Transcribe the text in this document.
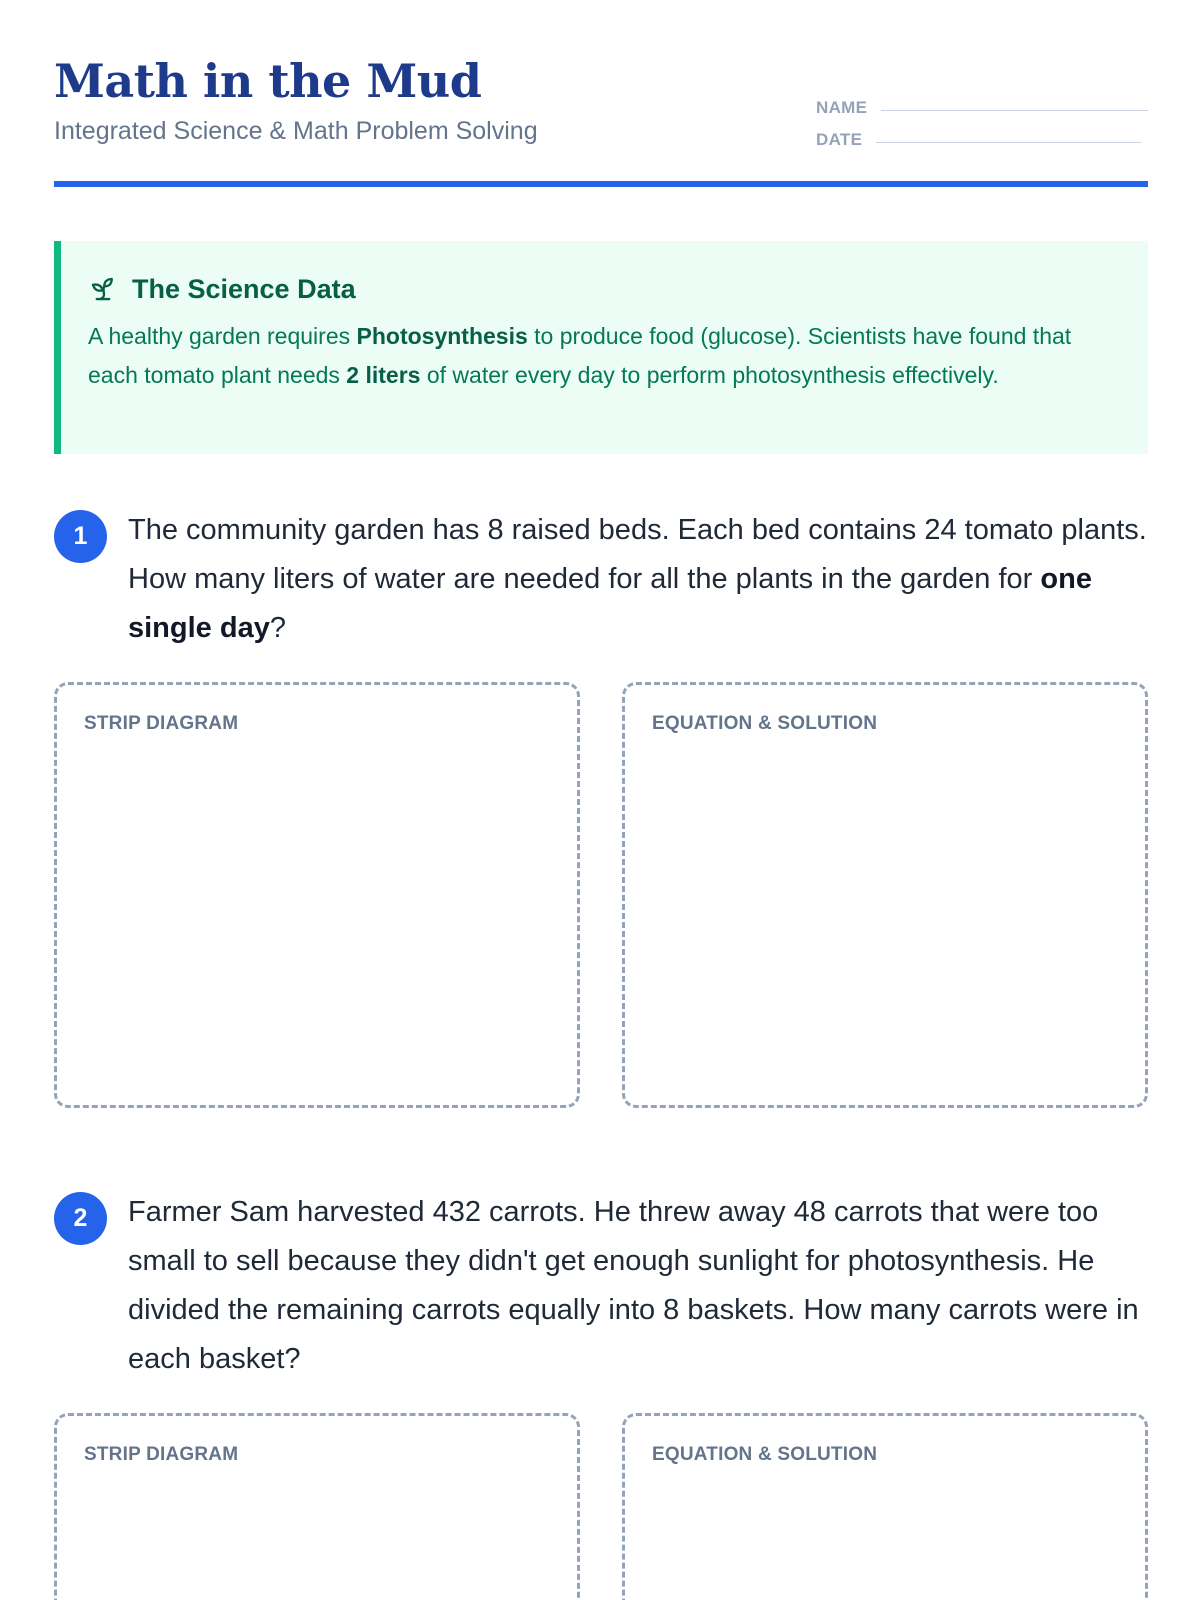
Math in the Mud
Integrated Science & Math Problem Solving
NAME
DATE
The Science Data

A healthy garden requires Photosynthesis to produce food (glucose). Scientists have found that each tomato plant needs 2 liters of water every day to perform photosynthesis effectively.

1	The community garden has 8 raised beds. Each bed contains 24 tomato plants. How many liters of water are needed for all the plants in the garden for one single day?

STRIP DIAGRAM	EQUATION & SOLUTION
2	Farmer Sam harvested 432 carrots. He threw away 48 carrots that were too small to sell because they didn't get enough sunlight for photosynthesis. He divided the remaining carrots equally into 8 baskets. How many carrots were in each basket?

STRIP DIAGRAM	EQUATION & SOLUTION
